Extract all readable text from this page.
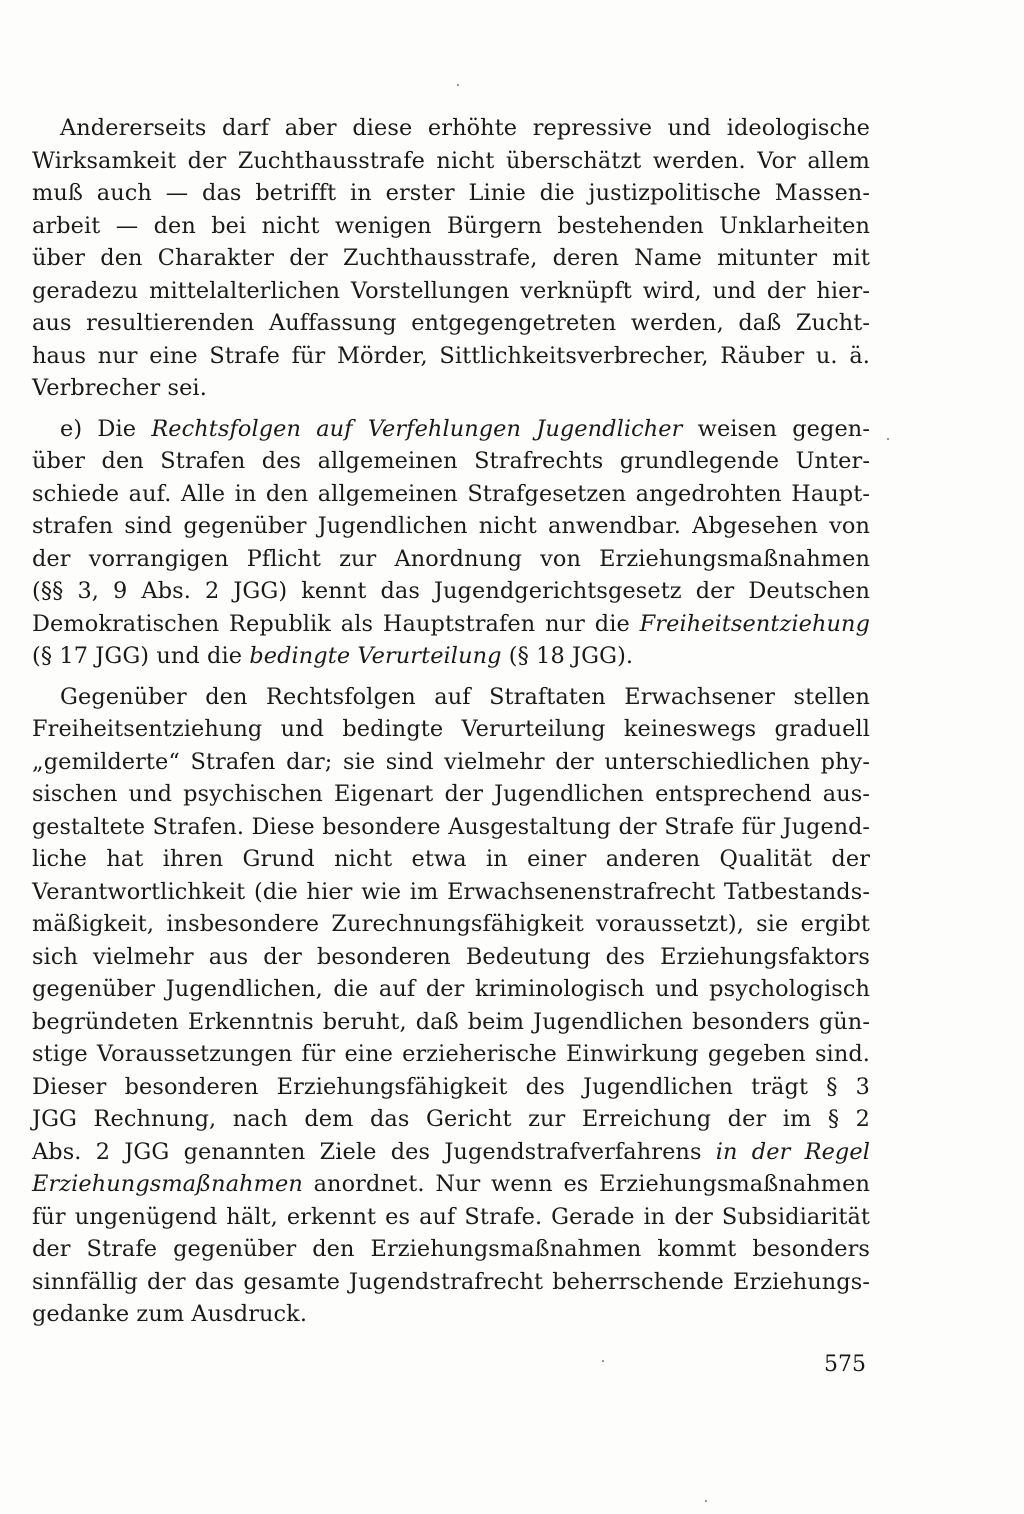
Andererseits darf aber diese erhöhte repressive und ideologische
Wirksamkeit der Zuchthausstrafe nicht überschätzt werden. Vor allem
muß auch — das betrifft in erster Linie die justizpolitische Massen-
arbeit — den bei nicht wenigen Bürgern bestehenden Unklarheiten
über den Charakter der Zuchthausstrafe, deren Name mitunter mit
geradezu mittelalterlichen Vorstellungen verknüpft wird, und der hier-
aus resultierenden Auffassung entgegengetreten werden, daß Zucht-
haus nur eine Strafe für Mörder, Sittlichkeitsverbrecher, Räuber u. ä.
Verbrecher sei.
e) Die Rechtsfolgen auf Verfehlungen Jugendlicher weisen gegen-
über den Strafen des allgemeinen Strafrechts grundlegende Unter-
schiede auf. Alle in den allgemeinen Strafgesetzen angedrohten Haupt-
strafen sind gegenüber Jugendlichen nicht anwendbar. Abgesehen von
der vorrangigen Pflicht zur Anordnung von Erziehungsmaßnahmen
(§§ 3, 9 Abs. 2 JGG) kennt das Jugendgerichtsgesetz der Deutschen
Demokratischen Republik als Hauptstrafen nur die Freiheitsentziehung
(§ 17 JGG) und die bedingte Verurteilung (§ 18 JGG).
Gegenüber den Rechtsfolgen auf Straftaten Erwachsener stellen
Freiheitsentziehung und bedingte Verurteilung keineswegs graduell
„gemilderte“ Strafen dar; sie sind vielmehr der unterschiedlichen phy-
sischen und psychischen Eigenart der Jugendlichen entsprechend aus-
gestaltete Strafen. Diese besondere Ausgestaltung der Strafe für Jugend-
liche hat ihren Grund nicht etwa in einer anderen Qualität der
Verantwortlichkeit (die hier wie im Erwachsenenstrafrecht Tatbestands-
mäßigkeit, insbesondere Zurechnungsfähigkeit voraussetzt), sie ergibt
sich vielmehr aus der besonderen Bedeutung des Erziehungsfaktors
gegenüber Jugendlichen, die auf der kriminologisch und psychologisch
begründeten Erkenntnis beruht, daß beim Jugendlichen besonders gün-
stige Voraussetzungen für eine erzieherische Einwirkung gegeben sind.
Dieser besonderen Erziehungsfähigkeit des Jugendlichen trägt § 3
JGG Rechnung, nach dem das Gericht zur Erreichung der im § 2
Abs. 2 JGG genannten Ziele des Jugendstrafverfahrens in der Regel
Erziehungsmaßnahmen anordnet. Nur wenn es Erziehungsmaßnahmen
für ungenügend hält, erkennt es auf Strafe. Gerade in der Subsidiarität
der Strafe gegenüber den Erziehungsmaßnahmen kommt besonders
sinnfällig der das gesamte Jugendstrafrecht beherrschende Erziehungs-
gedanke zum Ausdruck.
575
